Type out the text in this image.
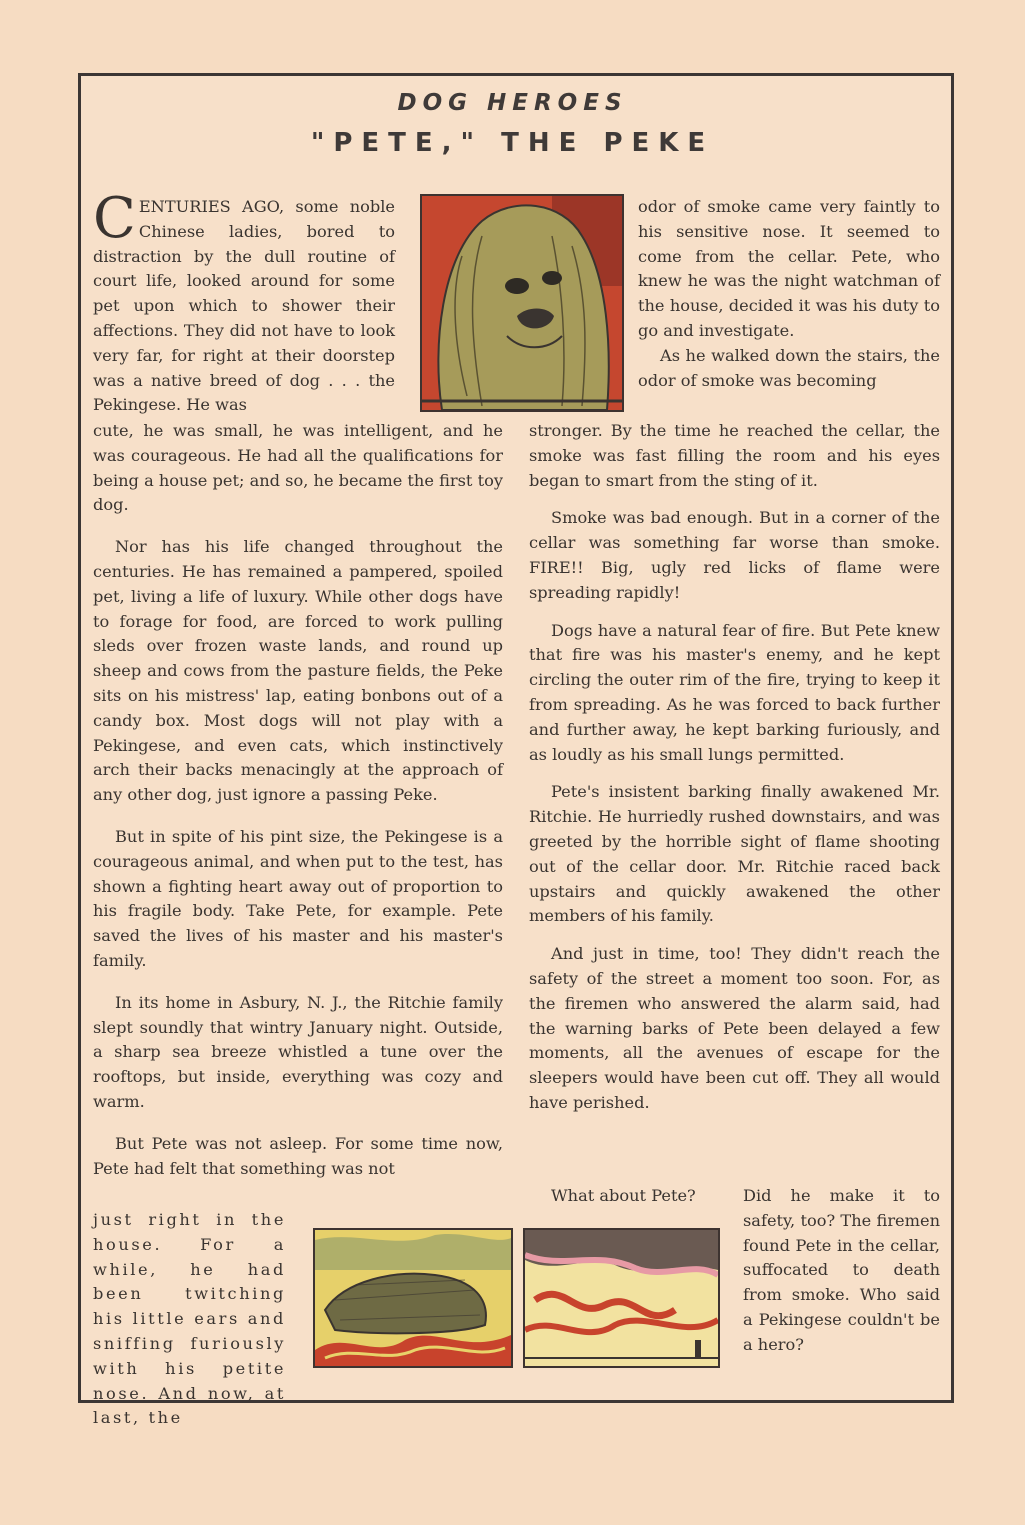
DOG HEROES
"PETE," THE PEKE

CENTURIES AGO, some noble Chinese ladies, bored to distraction by the dull routine of court life, looked around for some pet upon which to shower their affections. They did not have to look very far, for right at their doorstep was a native breed of dog . . . the Pekingese. He was

cute, he was small, he was intelligent, and he was courageous. He had all the qualifications for being a house pet; and so, he became the first toy dog.

Nor has his life changed throughout the centuries. He has remained a pampered, spoiled pet, living a life of luxury. While other dogs have to forage for food, are forced to work pulling sleds over frozen waste lands, and round up sheep and cows from the pasture fields, the Peke sits on his mistress' lap, eating bonbons out of a candy box. Most dogs will not play with a Pekingese, and even cats, which instinctively arch their backs menacingly at the approach of any other dog, just ignore a passing Peke.

But in spite of his pint size, the Pekingese is a courageous animal, and when put to the test, has shown a fighting heart away out of proportion to his fragile body. Take Pete, for example. Pete saved the lives of his master and his master's family.

In its home in Asbury, N. J., the Ritchie family slept soundly that wintry January night. Outside, a sharp sea breeze whistled a tune over the rooftops, but inside, everything was cozy and warm.

But Pete was not asleep. For some time now, Pete had felt that something was not

just right in the house. For a while, he had been twitching his little ears and sniffing furiously with his petite nose. And now, at last, the

odor of smoke came very faintly to his sensitive nose. It seemed to come from the cellar. Pete, who knew he was the night watchman of the house, decided it was his duty to go and investigate.

As he walked down the stairs, the odor of smoke was becoming

stronger. By the time he reached the cellar, the smoke was fast filling the room and his eyes began to smart from the sting of it.

Smoke was bad enough. But in a corner of the cellar was something far worse than smoke. FIRE!! Big, ugly red licks of flame were spreading rapidly!

Dogs have a natural fear of fire. But Pete knew that fire was his master's enemy, and he kept circling the outer rim of the fire, trying to keep it from spreading. As he was forced to back further and further away, he kept barking furiously, and as loudly as his small lungs permitted.

Pete's insistent barking finally awakened Mr. Ritchie. He hurriedly rushed downstairs, and was greeted by the horrible sight of flame shooting out of the cellar door. Mr. Ritchie raced back upstairs and quickly awakened the other members of his family.

And just in time, too! They didn't reach the safety of the street a moment too soon. For, as the firemen who answered the alarm said, had the warning barks of Pete been delayed a few moments, all the avenues of escape for the sleepers would have been cut off. They all would have perished.

What about Pete?	Did he make it to safety, too? The firemen found Pete in the cellar, suffocated to death from smoke. Who said a Pekingese couldn't be a hero?
